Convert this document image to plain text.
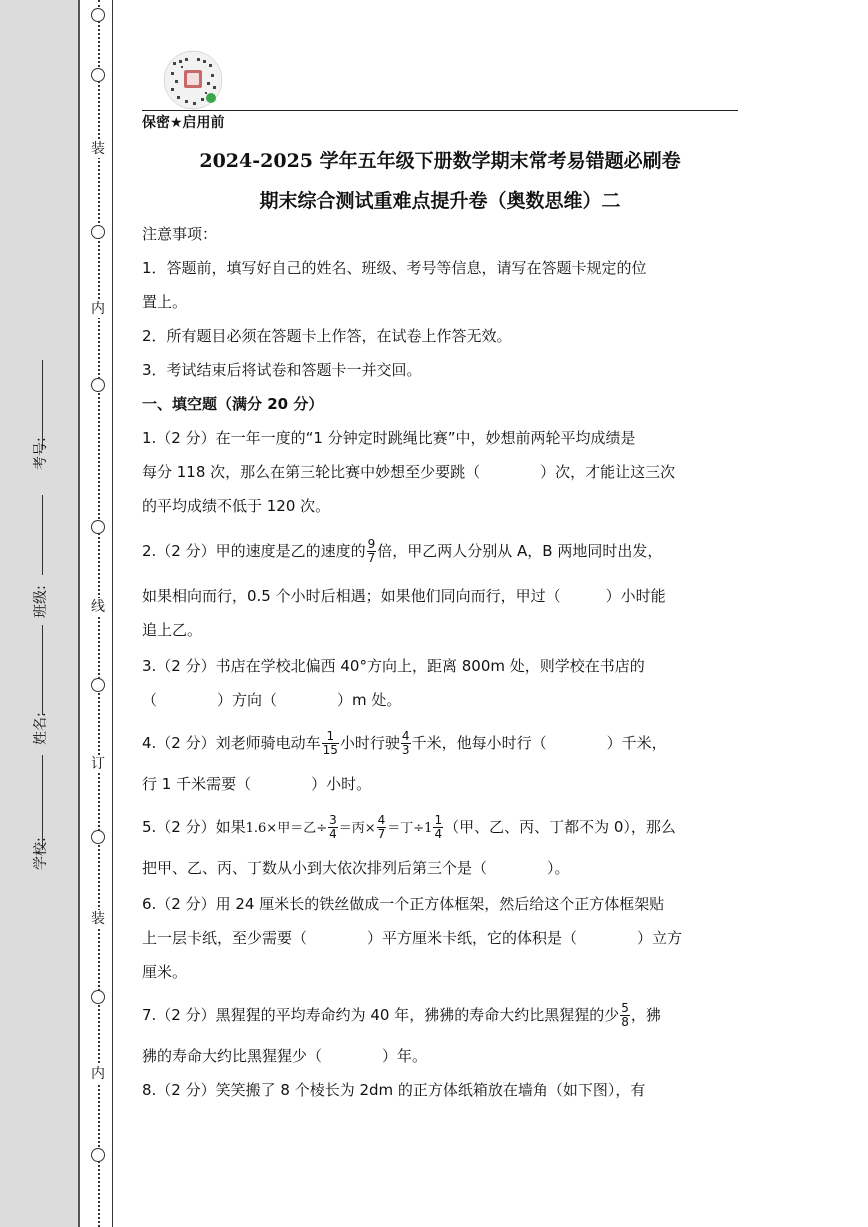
考号:
班级:
姓名:
学校:
装
内
线
订
装
内
保密★启用前
2024-2025 学年五年级下册数学期末常考易错题必刷卷
期末综合测试重难点提升卷（奥数思维）二
注意事项：
1．答题前，填写好自己的姓名、班级、考号等信息，请写在答题卡规定的位
置上。
2．所有题目必须在答题卡上作答，在试卷上作答无效。
3．考试结束后将试卷和答题卡一并交回。
一、填空题（满分 20 分）
1.（2 分）在一年一度的“1 分钟定时跳绳比赛”中，妙想前两轮平均成绩是
每分 118 次，那么在第三轮比赛中妙想至少要跳（　　　　）次，才能让这三次
的平均成绩不低于 120 次。
2.（2 分）甲的速度是乙的速度的 $\frac{9}{7}$ 倍，甲乙两人分别从 A，B 两地同时出发，
如果相向而行，0.5 个小时后相遇；如果他们同向而行，甲过（　　　）小时能
追上乙。
3.（2 分）书店在学校北偏西 40°方向上，距离 800m 处，则学校在书店的
（　　　　）方向（　　　　）m 处。
4.（2 分）刘老师骑电动车 $\frac{1}{15}$ 小时行驶 $\frac{4}{3}$ 千米，他每小时行（　　　　）千米，
行 1 千米需要（　　　　）小时。
5.（2 分）如果1.6×甲＝乙÷ $\frac{3}{4}$ ＝丙× $\frac{4}{7}$ ＝丁$\div 1 \frac{1}{4}$ （甲、乙、丙、丁都不为 0），那么
把甲、乙、丙、丁数从小到大依次排列后第三个是（　　　　）。
6.（2 分）用 24 厘米长的铁丝做成一个正方体框架，然后给这个正方体框架贴
上一层卡纸，至少需要（　　　　）平方厘米卡纸，它的体积是（　　　　）立方
厘米。
7.（2 分）黑猩猩的平均寿命约为 40 年，狒狒的寿命大约比黑猩猩的少 $\frac{5}{8}$ ，狒
狒的寿命大约比黑猩猩少（　　　　）年。
8.（2 分）笑笑搬了 8 个棱长为 2dm 的正方体纸箱放在墙角（如下图），有
